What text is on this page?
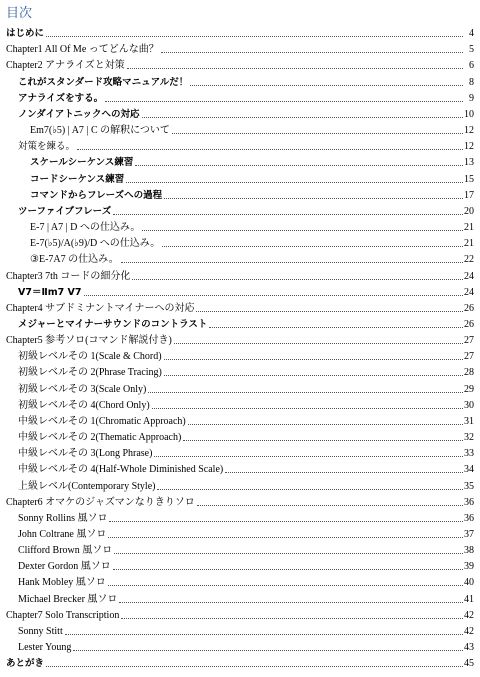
目次
はじめに	4
Chapter1 All Of Me ってどんな曲？	5
Chapter2 アナライズと対策	6
これがスタンダード攻略マニュアルだ！	8
アナライズをする。	9
ノンダイアトニックへの対応	10
Em7(♭5) | A7 | C の解釈について	12
対策を練る。	12
スケールシーケンス練習	13
コードシーケンス練習	15
コマンドからフレーズへの過程	17
ツーファイブフレーズ	20
E-7 | A7 | D への仕込み。	21
E-7(♭5)/A(♭9)/D への仕込み。	21
③E-7A7 の仕込み。	22
Chapter3 7th コードの細分化	24
V7＝Ⅱm7 V7	24
Chapter4 サブドミナントマイナーへの対応	26
メジャーとマイナーサウンドのコントラスト	26
Chapter5 参考ソロ(コマンド解説付き)	27
初級レベルその 1(Scale & Chord)	27
初級レベルその 2(Phrase Tracing)	28
初級レベルその 3(Scale Only)	29
初級レベルその 4(Chord Only)	30
中級レベルその 1(Chromatic Approach)	31
中級レベルその 2(Thematic Approach)	32
中級レベルその 3(Long Phrase)	33
中級レベルその 4(Half-Whole Diminished Scale)	34
上級レベル(Contemporary Style)	35
Chapter6 オマケのジャズマンなりきりソロ	36
Sonny Rollins 風ソロ	36
John Coltrane 風ソロ	37
Clifford Brown 風ソロ	38
Dexter Gordon 風ソロ	39
Hank Mobley 風ソロ	40
Michael Brecker 風ソロ	41
Chapter7 Solo Transcription	42
Sonny Stitt	42
Lester Young	43
あとがき	45
